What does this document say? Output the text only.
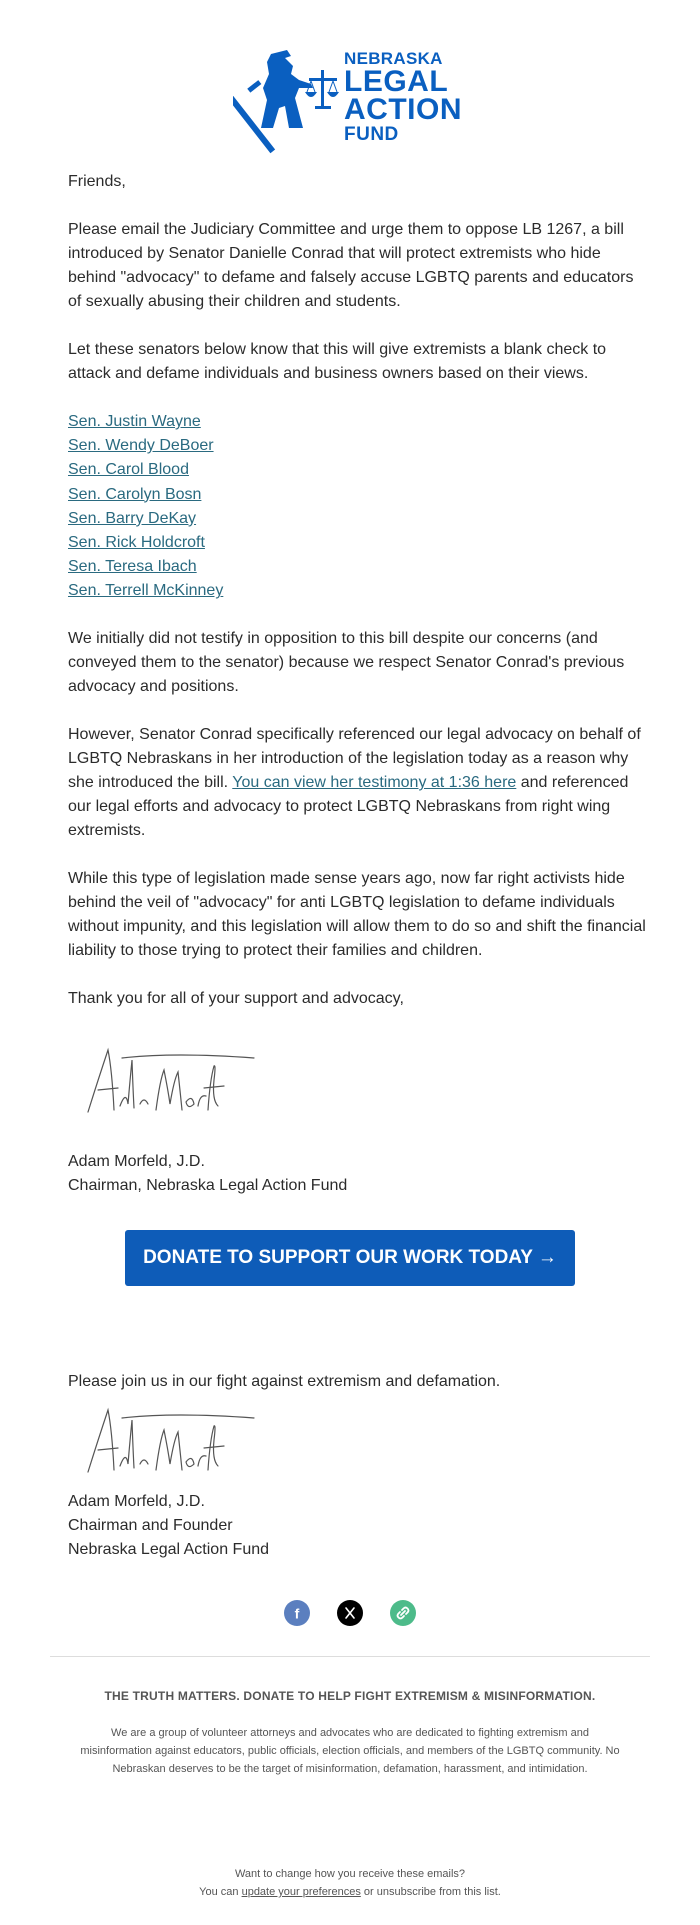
NEBRASKA
LEGAL
ACTION
FUND

Friends,

Please email the Judiciary Committee and urge them to oppose LB 1267, a bill introduced by Senator Danielle Conrad that will protect extremists who hide behind "advocacy" to defame and falsely accuse LGBTQ parents and educators of sexually abusing their children and students.

Let these senators below know that this will give extremists a blank check to attack and defame individuals and business owners based on their views.

Sen. Justin Wayne
Sen. Wendy DeBoer
Sen. Carol Blood
Sen. Carolyn Bosn
Sen. Barry DeKay
Sen. Rick Holdcroft
Sen. Teresa Ibach
Sen. Terrell McKinney

We initially did not testify in opposition to this bill despite our concerns (and conveyed them to the senator) because we respect Senator Conrad's previous advocacy and positions.

However, Senator Conrad specifically referenced our legal advocacy on behalf of LGBTQ Nebraskans in her introduction of the legislation today as a reason why she introduced the bill. You can view her testimony at 1:36 here and referenced our legal efforts and advocacy to protect LGBTQ Nebraskans from right wing extremists.

While this type of legislation made sense years ago, now far right activists hide behind the veil of "advocacy" for anti LGBTQ legislation to defame individuals without impunity, and this legislation will allow them to do so and shift the financial liability to those trying to protect their families and children.

Thank you for all of your support and advocacy,

Adam Morfeld, J.D.

Chairman, Nebraska Legal Action Fund

DONATE TO SUPPORT OUR WORK TODAY →

Please join us in our fight against extremism and defamation.

Adam Morfeld, J.D.

Chairman and Founder

Nebraska Legal Action Fund

f
THE TRUTH MATTERS. DONATE TO HELP FIGHT EXTREMISM & MISINFORMATION.
We are a group of volunteer attorneys and advocates who are dedicated to fighting extremism and misinformation against educators, public officials, election officials, and members of the LGBTQ community. No Nebraskan deserves to be the target of misinformation, defamation, harassment, and intimidation.
Want to change how you receive these emails?
You can update your preferences or unsubscribe from this list.
